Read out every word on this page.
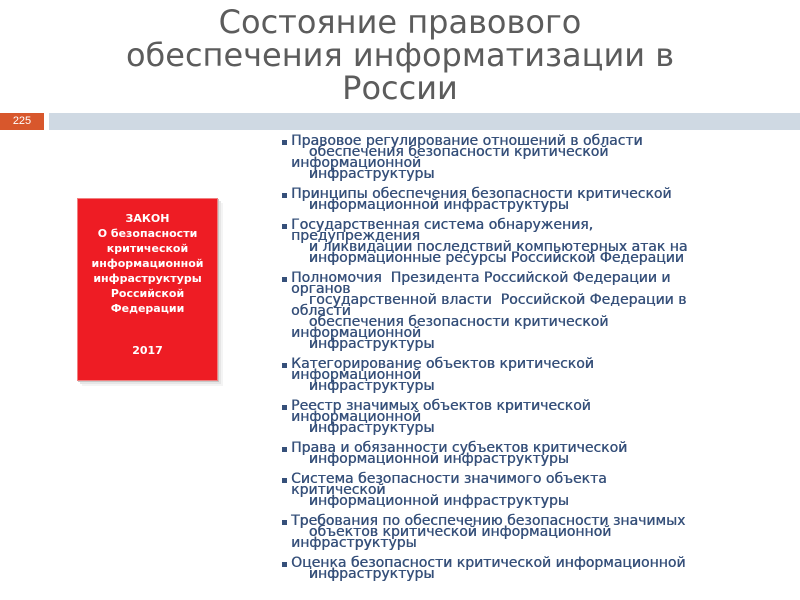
Состояние правового
обеспечения информатизации в
России
225
ЗАКОН
О безопасности
критической
информационной
инфраструктуры
Российской
Федерации
2017
Правовое регулирование отношений в области
обеспечения безопасности критической
информационной
инфраструктуры
Принципы обеспечения безопасности критической
информационной инфраструктуры
Государственная система обнаружения,
предупреждения
и ликвидации последствий компьютерных атак на
информационные ресурсы Российской Федерации
Полномочия  Президента Российской Федерации и
органов
государственной власти  Российской Федерации в
области
обеспечения безопасности критической
информационной
инфраструктуры
Категорирование объектов критической
информационной
инфраструктуры
Реестр значимых объектов критической
информационной
инфраструктуры
Права и обязанности субъектов критической
информационной инфраструктуры
Система безопасности значимого объекта
критической
информационной инфраструктуры
Требования по обеспечению безопасности значимых
объектов критической информационной
инфраструктуры
Оценка безопасности критической информационной
инфраструктуры
